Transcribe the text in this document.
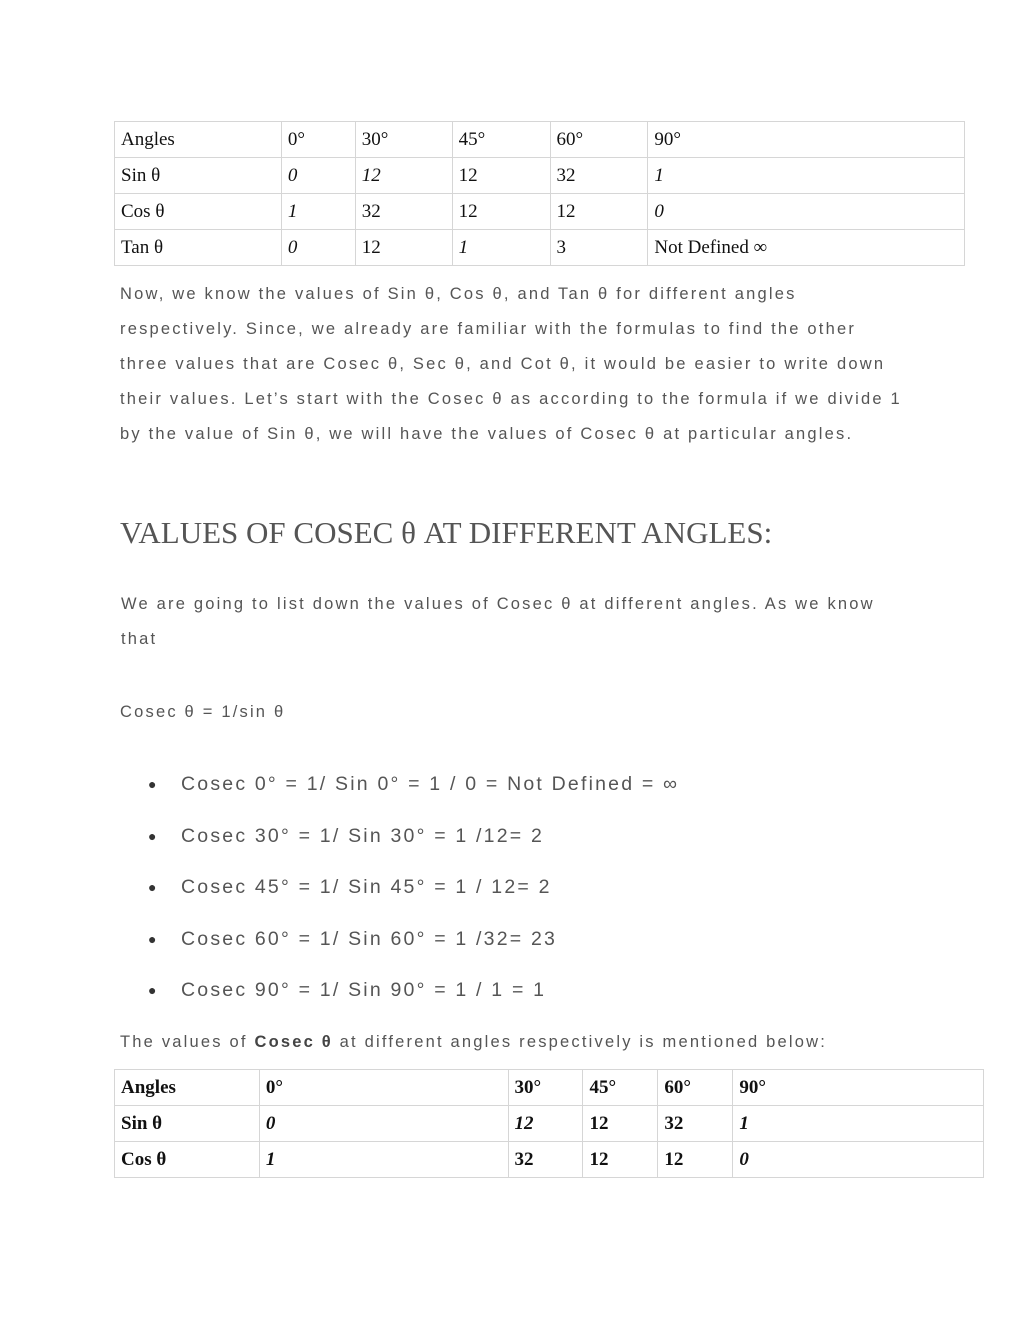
Angles	0°	30°	45°	60°	90°
Sin θ	0	12	12	32	1
Cos θ	1	32	12	12	0
Tan θ	0	12	1	3	Not Defined ∞

Now, we know the values of Sin θ, Cos θ, and Tan θ for different angles respectively. Since, we already are familiar with the formulas to find the other three values that are Cosec θ, Sec θ, and Cot θ, it would be easier to write down their values. Let’s start with the Cosec θ as according to the formula if we divide 1 by the value of Sin θ, we will have the values of Cosec θ at particular angles.

VALUES OF COSEC θ AT DIFFERENT ANGLES:

We are going to list down the values of Cosec θ at different angles. As we know that

Cosec θ = 1/sin θ

● Cosec 0° = 1/ Sin 0° = 1 / 0 = Not Defined = ∞
● Cosec 30° = 1/ Sin 30° = 1 /12= 2
● Cosec 45° = 1/ Sin 45° = 1 / 12= 2
● Cosec 60° = 1/ Sin 60° = 1 /32= 23
● Cosec 90° = 1/ Sin 90° = 1 / 1 = 1

The values of Cosec θ at different angles respectively is mentioned below:

Angles	0°	30°	45°	60°	90°
Sin θ	0	12	12	32	1
Cos θ	1	32	12	12	0
